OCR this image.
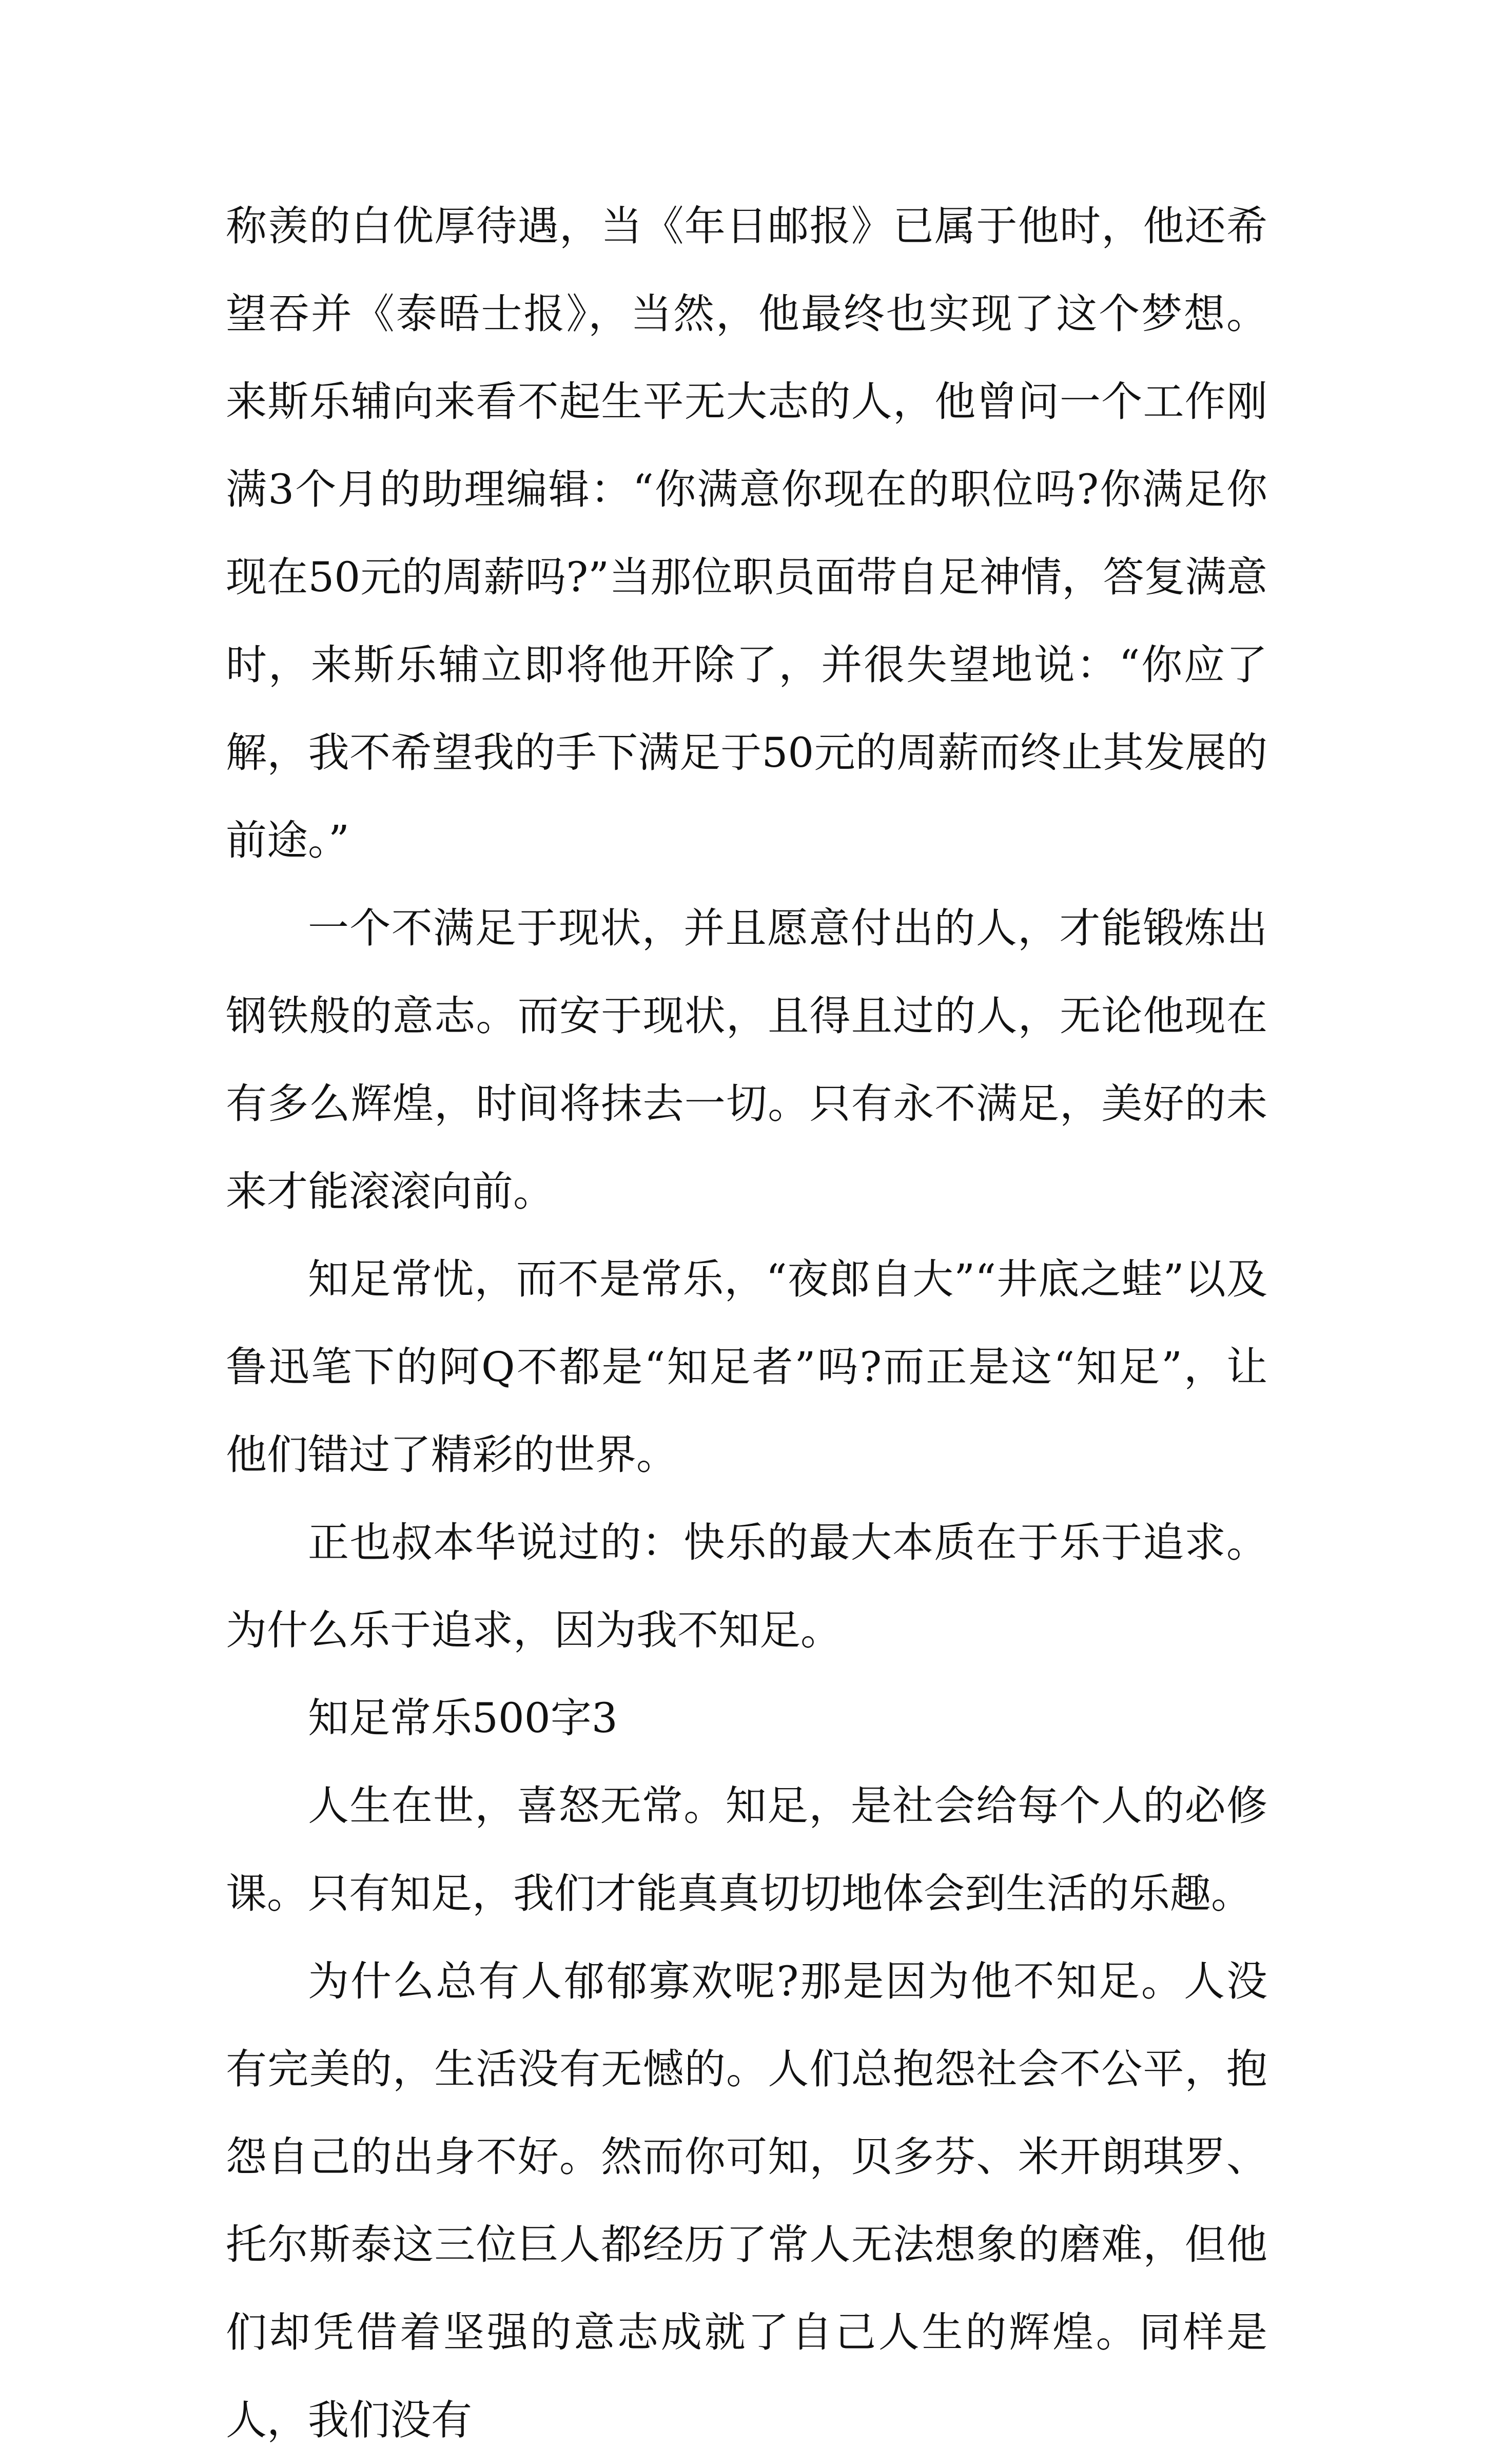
称羡的白优厚待遇，当《年日邮报》已属于他时，他还希望吞并《泰晤士报》，当然，他最终也实现了这个梦想。来斯乐辅向来看不起生平无大志的人，他曾问一个工作刚满3个月的助理编辑：“你满意你现在的职位吗?你满足你现在50元的周薪吗?”当那位职员面带自足神情，答复满意时，来斯乐辅立即将他开除了，并很失望地说：“你应了解，我不希望我的手下满足于50元的周薪而终止其发展的前途。”

一个不满足于现状，并且愿意付出的人，才能锻炼出钢铁般的意志。而安于现状，且得且过的人，无论他现在有多么辉煌，时间将抹去一切。只有永不满足，美好的未来才能滚滚向前。

知足常忧，而不是常乐，“夜郎自大”“井底之蛙”以及鲁迅笔下的阿Q不都是“知足者”吗?而正是这“知足”，让他们错过了精彩的世界。

正也叔本华说过的：快乐的最大本质在于乐于追求。为什么乐于追求，因为我不知足。

知足常乐500字3

人生在世，喜怒无常。知足，是社会给每个人的必修课。只有知足，我们才能真真切切地体会到生活的乐趣。

为什么总有人郁郁寡欢呢?那是因为他不知足。人没有完美的，生活没有无憾的。人们总抱怨社会不公平，抱怨自己的出身不好。然而你可知，贝多芬、米开朗琪罗、托尔斯泰这三位巨人都经历了常人无法想象的磨难，但他们却凭借着坚强的意志成就了自己人生的辉煌。同样是人，我们没有
